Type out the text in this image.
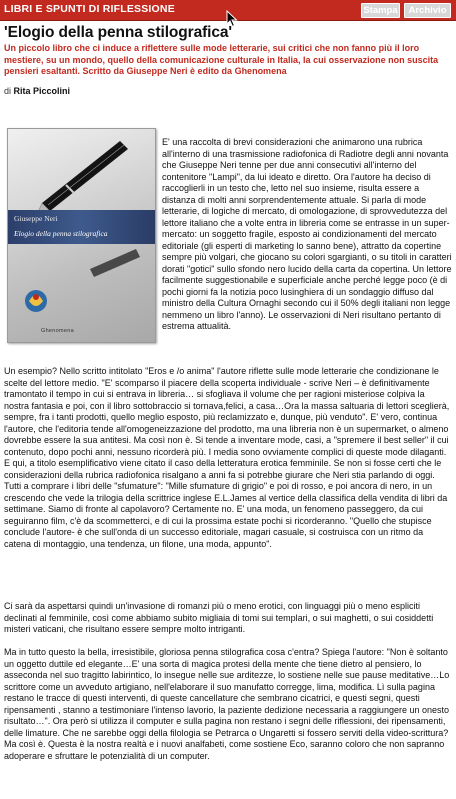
LIBRI E SPUNTI DI RIFLESSIONE	Stampa	Archivio
'Elogio della penna stilografica'

Un piccolo libro che ci induce a riflettere sulle mode letterarie, sui critici che non fanno più il loro mestiere, su un mondo, quello della comunicazione culturale in Italia, la cui osservazione non suscita pensieri esaltanti. Scritto da Giuseppe Neri è edito da Ghenomena

di Rita Piccolini

Giuseppe Neri
Elogio della penna stilografica
Ghenomena

E' una raccolta di brevi considerazioni che animarono una rubrica all'interno di una trasmissione radiofonica di Radiotre degli anni novanta che Giuseppe Neri tenne per due anni consecutivi all'interno del contenitore "Lampi", da lui ideato e diretto. Ora l'autore ha deciso di raccoglierli in un testo che, letto nel suo insieme, risulta essere a distanza di molti anni sorprendentemente attuale. Si parla di mode letterarie, di logiche di mercato, di omologazione, di sprovvedutezza del lettore italiano che a volte entra in libreria come se entrasse in un super-mercato: un soggetto fragile, esposto ai condizionamenti del mercato editoriale (gli esperti di marketing lo sanno bene), attratto da copertine sempre più volgari, che giocano su colori sgargianti, o su titoli in caratteri dorati "gotici" sullo sfondo nero lucido della carta da copertina. Un lettore facilmente suggestionabile e superficiale anche perché legge poco (è di pochi giorni fa la notizia poco lusinghiera di un sondaggio diffuso dal ministro della Cultura Ornaghi secondo cui il 50% degli italiani non legge nemmeno un libro l'anno). Le osservazioni di Neri risultano pertanto di estrema attualità.

Un esempio? Nello scritto intitolato "Eros e /o anima" l'autore riflette sulle mode letterarie che condizionane le scelte del lettore medio. "E' scomparso il piacere della scoperta individuale - scrive Neri – è definitivamente tramontato il tempo in cui si entrava in libreria… si sfogliava il volume che per ragioni misteriose colpiva la nostra fantasia e poi, con il libro sottobraccio si tornava,felici, a casa…Ora la massa saltuaria di lettori sceglierà, sempre, fra i tanti prodotti, quello meglio esposto, più reclamizzato e, dunque, più venduto". E' vero, continua l'autore, che l'editoria tende all'omogeneizzazione del prodotto, ma una libreria non è un supermarket, o almeno dovrebbe essere la sua antitesi. Ma così non è. Si tende a inventare mode, casi, a "spremere il best seller" il cui contenuto, dopo pochi anni, nessuno ricorderà più. I media sono ovviamente complici di queste mode dilaganti. E qui, a titolo esemplificativo viene citato il caso della letteratura erotica femminile. Se non si fosse certi che le considerazioni della rubrica radiofonica risalgano a anni fa si potrebbe giurare che Neri stia parlando di oggi. Tutti a comprare i libri delle "sfumature": "Mille sfumature di grigio" e poi di rosso, e poi ancora di nero, in un crescendo che vede la trilogia della scrittrice inglese E.L.James al vertice della classifica della vendita di libri da settimane. Siamo di fronte al capolavoro? Certamente no. E' una moda, un fenomeno passeggero, da cui seguiranno film, c'è da scommetterci, e di cui la prossima estate pochi si ricorderanno. "Quello che stupisce conclude l'autore- è che sull'onda di un successo editoriale, magari casuale, si costruisca con un ritmo da catena di montaggio, una tendenza, un filone, una moda, appunto".

Ci sarà da aspettarsi quindi un'invasione di romanzi più o meno erotici, con linguaggi più o meno espliciti declinati al femminile, così come abbiamo subito migliaia di tomi sui templari, o sui maghetti, o sui cosiddetti misteri vaticani, che risultano essere sempre molto intriganti.

Ma in tutto questo la bella, irresistibile, gloriosa penna stilografica cosa c'entra? Spiega l'autore: "Non è soltanto un oggetto duttile ed elegante…E' una sorta di magica protesi della mente che tiene dietro al pensiero, lo asseconda nel suo tragitto labirintico, lo insegue nelle sue arditezze, lo sostiene nelle sue pause meditative…Lo scrittore come un avveduto artigiano, nell'elaborare il suo manufatto corregge, lima, modifica. Lì sulla pagina restano le tracce di questi interventi, di queste cancellature che sembrano cicatrici, e questi segni, questi ripensamenti , stanno a testimoniare l'intenso lavorio, la paziente dedizione necessaria a raggiungere un onesto risultato…". Ora però si utilizza il computer e sulla pagina non restano i segni delle riflessioni, dei ripensamenti, delle limature. Che ne sarebbe oggi della filologia se Petrarca o Ungaretti si fossero serviti della video-scrittura? Ma così è. Questa è la nostra realtà e i nuovi analfabeti, come sostiene Eco, saranno coloro che non sapranno adoperare e sfruttare le potenzialità di un computer.
